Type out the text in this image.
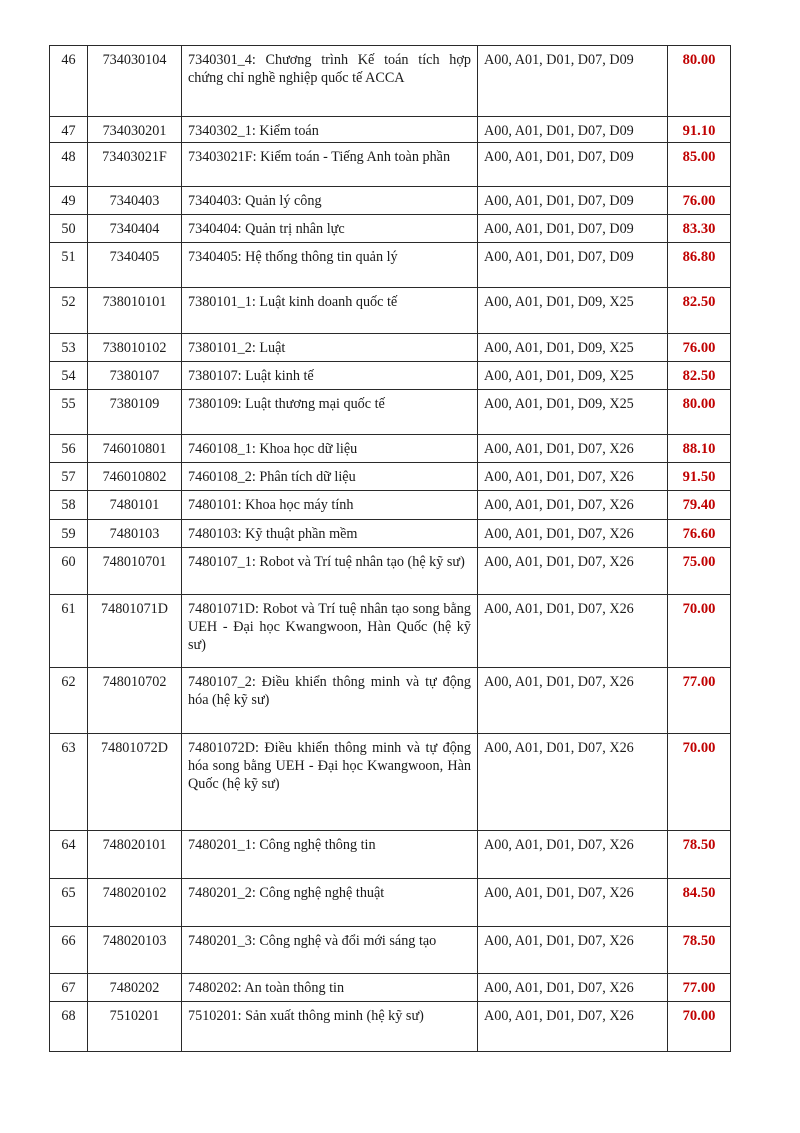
46	734030104	7340301_4: Chương trình Kế toán tích hợp chứng chỉ nghề nghiệp quốc tế ACCA	A00, A01, D01, D07, D09	80.00
47	734030201	7340302_1: Kiểm toán	A00, A01, D01, D07, D09	91.10
48	73403021F	73403021F: Kiểm toán - Tiếng Anh toàn phần	A00, A01, D01, D07, D09	85.00
49	7340403	7340403: Quản lý công	A00, A01, D01, D07, D09	76.00
50	7340404	7340404: Quản trị nhân lực	A00, A01, D01, D07, D09	83.30
51	7340405	7340405: Hệ thống thông tin quản lý	A00, A01, D01, D07, D09	86.80
52	738010101	7380101_1: Luật kinh doanh quốc tế	A00, A01, D01, D09, X25	82.50
53	738010102	7380101_2: Luật	A00, A01, D01, D09, X25	76.00
54	7380107	7380107: Luật kinh tế	A00, A01, D01, D09, X25	82.50
55	7380109	7380109: Luật thương mại quốc tế	A00, A01, D01, D09, X25	80.00
56	746010801	7460108_1: Khoa học dữ liệu	A00, A01, D01, D07, X26	88.10
57	746010802	7460108_2: Phân tích dữ liệu	A00, A01, D01, D07, X26	91.50
58	7480101	7480101: Khoa học máy tính	A00, A01, D01, D07, X26	79.40
59	7480103	7480103: Kỹ thuật phần mềm	A00, A01, D01, D07, X26	76.60
60	748010701	7480107_1: Robot và Trí tuệ nhân tạo (hệ kỹ sư)	A00, A01, D01, D07, X26	75.00
61	74801071D	74801071D: Robot và Trí tuệ nhân tạo song bằng UEH - Đại học Kwangwoon, Hàn Quốc (hệ kỹ sư)	A00, A01, D01, D07, X26	70.00
62	748010702	7480107_2: Điều khiển thông minh và tự động hóa (hệ kỹ sư)	A00, A01, D01, D07, X26	77.00
63	74801072D	74801072D: Điều khiển thông minh và tự động hóa song bằng UEH - Đại học Kwangwoon, Hàn Quốc (hệ kỹ sư)	A00, A01, D01, D07, X26	70.00
64	748020101	7480201_1: Công nghệ thông tin	A00, A01, D01, D07, X26	78.50
65	748020102	7480201_2: Công nghệ nghệ thuật	A00, A01, D01, D07, X26	84.50
66	748020103	7480201_3: Công nghệ và đổi mới sáng tạo	A00, A01, D01, D07, X26	78.50
67	7480202	7480202: An toàn thông tin	A00, A01, D01, D07, X26	77.00
68	7510201	7510201: Sản xuất thông minh (hệ kỹ sư)	A00, A01, D01, D07, X26	70.00
